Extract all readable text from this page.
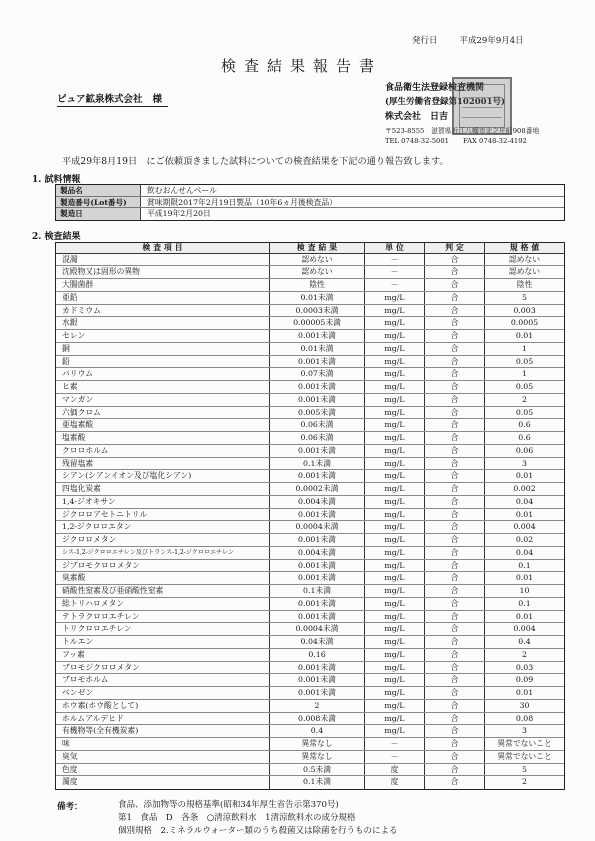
発行日	平成29年9月4日
検査結果報告書
ピュア鉱泉株式会社 様
食品衛生法登録検査機関
(厚生労働省登録第102001号)
株式会社　日吉
〒523-8555　滋賀県近江八幡市北之庄町908番地
TEL 0748-32-5001 FAX 0748-32-4192
平成29年8月19日　にご依頼頂きました試料についての検査結果を下記の通り報告致します。
1. 試料情報
製品名	飲むおんせんベール
製造番号(Lot番号)	賞味期限2017年2月19日製品（10年6ヵ月後検査品）
製造日	平成19年2月20日
2. 検査結果
検査項目	検査結果	単位	判定	規格値
混濁	認めない	－	合	認めない
沈殿物又は固形の異物	認めない	－	合	認めない
大腸菌群	陰性	－	合	陰性
亜鉛	0.01未満	mg/L	合	5
カドミウム	0.0003未満	mg/L	合	0.003
水銀	0.00005未満	mg/L	合	0.0005
セレン	0.001未満	mg/L	合	0.01
銅	0.01未満	mg/L	合	1
鉛	0.001未満	mg/L	合	0.05
バリウム	0.07未満	mg/L	合	1
ヒ素	0.001未満	mg/L	合	0.05
マンガン	0.001未満	mg/L	合	2
六価クロム	0.005未満	mg/L	合	0.05
亜塩素酸	0.06未満	mg/L	合	0.6
塩素酸	0.06未満	mg/L	合	0.6
クロロホルム	0.001未満	mg/L	合	0.06
残留塩素	0.1未満	mg/L	合	3
シアン(シアンイオン及び塩化シアン)	0.001未満	mg/L	合	0.01
四塩化炭素	0.0002未満	mg/L	合	0.002
1,4-ジオキサン	0.004未満	mg/L	合	0.04
ジクロロアセトニトリル	0.001未満	mg/L	合	0.01
1,2-ジクロロエタン	0.0004未満	mg/L	合	0.004
ジクロロメタン	0.001未満	mg/L	合	0.02
シス-1,2-ジクロロエチレン及びトランス-1,2-ジクロロエチレン	0.004未満	mg/L	合	0.04
ジブロモクロロメタン	0.001未満	mg/L	合	0.1
臭素酸	0.001未満	mg/L	合	0.01
硝酸性窒素及び亜硝酸性窒素	0.1未満	mg/L	合	10
総トリハロメタン	0.001未満	mg/L	合	0.1
テトラクロロエチレン	0.001未満	mg/L	合	0.01
トリクロロエチレン	0.0004未満	mg/L	合	0.004
トルエン	0.04未満	mg/L	合	0.4
フッ素	0.16	mg/L	合	2
ブロモジクロロメタン	0.001未満	mg/L	合	0.03
ブロモホルム	0.001未満	mg/L	合	0.09
ベンゼン	0.001未満	mg/L	合	0.01
ホウ素(ホウ酸として)	2	mg/L	合	30
ホルムアルデヒド	0.008未満	mg/L	合	0.08
有機物等(全有機炭素)	0.4	mg/L	合	3
味	異常なし	－	合	異常でないこと
臭気	異常なし	－	合	異常でないこと
色度	0.5未満	度	合	5
濁度	0.1未満	度	合	2
備考：	食品、添加物等の規格基準(昭和34年厚生省告示第370号)
第1　食品　D　各条　○清涼飲料水　1清涼飲料水の成分規格
個別規格　2.ミネラルウォーター類のうち殺菌又は除菌を行うものによる
